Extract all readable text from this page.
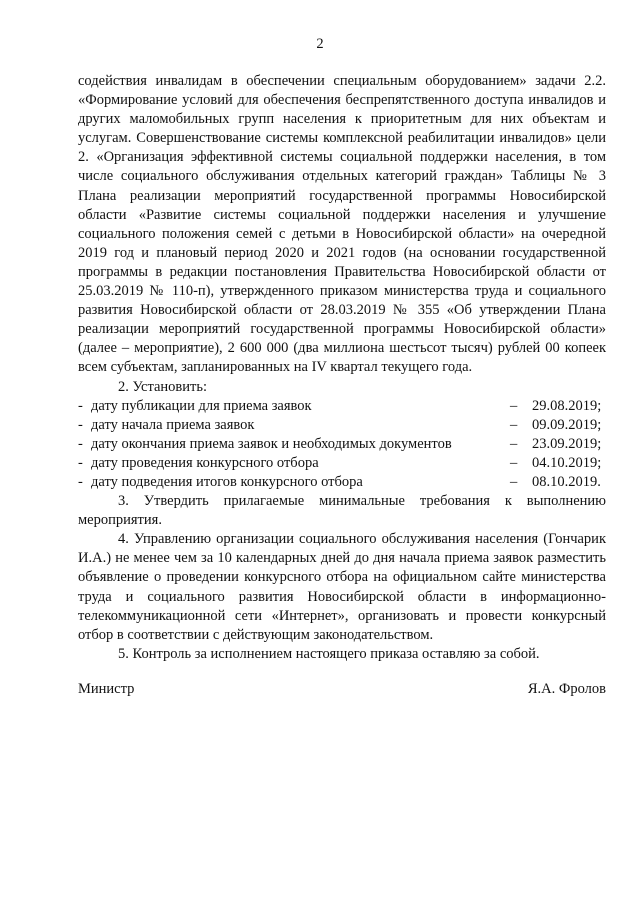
2

содействия инвалидам в обеспечении специальным оборудованием» задачи 2.2. «Формирование условий для обеспечения беспрепятственного доступа инвалидов и других маломобильных групп населения к приоритетным для них объектам и услугам. Совершенствование системы комплексной реабилитации инвалидов» цели 2. «Организация эффективной системы социальной поддержки населения, в том числе социального обслуживания отдельных категорий граждан» Таблицы № 3 Плана реализации мероприятий государственной программы Новосибирской области «Развитие системы социальной поддержки населения и улучшение социального положения семей с детьми в Новосибирской области» на очередной 2019 год и плановый период 2020 и 2021 годов (на основании государственной программы в редакции постановления Правительства Новосибирской области от 25.03.2019 № 110-п), утвержденного приказом министерства труда и социального развития Новосибирской области от 28.03.2019 № 355 «Об утверждении Плана реализации мероприятий государственной программы Новосибирской области» (далее – мероприятие), 2 600 000 (два миллиона шестьсот тысяч) рублей 00 копеек всем субъектам, запланированных на IV квартал текущего года.

2. Установить:

- дату публикации для приема заявок	– 29.08.2019;
- дату начала приема заявок	– 09.09.2019;
- дату окончания приема заявок и необходимых документов	– 23.09.2019;
- дату проведения конкурсного отбора	– 04.10.2019;
- дату подведения итогов конкурсного отбора	– 08.10.2019.

3. Утвердить прилагаемые минимальные требования к выполнению мероприятия.

4. Управлению организации социального обслуживания населения (Гончарик И.А.) не менее чем за 10 календарных дней до дня начала приема заявок разместить объявление о проведении конкурсного отбора на официальном сайте министерства труда и социального развития Новосибирской области в информационно-телекоммуникационной сети «Интернет», организовать и провести конкурсный отбор в соответствии с действующим законодательством.

5. Контроль за исполнением настоящего приказа оставляю за собой.

Министр	Я.А. Фролов
